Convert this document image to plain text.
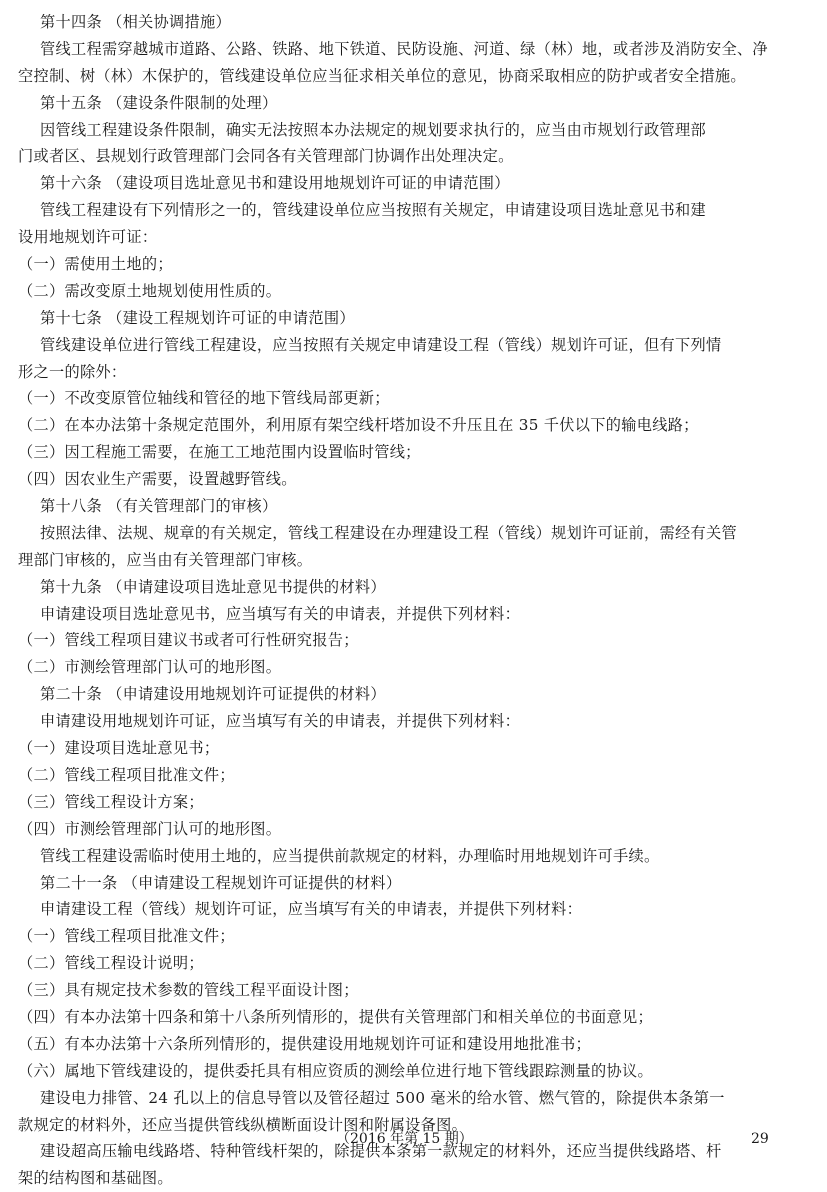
第十四条 （相关协调措施）
管线工程需穿越城市道路、公路、铁路、地下铁道、民防设施、河道、绿（林）地，或者涉及消防安全、净
空控制、树（林）木保护的，管线建设单位应当征求相关单位的意见，协商采取相应的防护或者安全措施。
第十五条 （建设条件限制的处理）
因管线工程建设条件限制，确实无法按照本办法规定的规划要求执行的，应当由市规划行政管理部
门或者区、县规划行政管理部门会同各有关管理部门协调作出处理决定。
第十六条 （建设项目选址意见书和建设用地规划许可证的申请范围）
管线工程建设有下列情形之一的，管线建设单位应当按照有关规定，申请建设项目选址意见书和建
设用地规划许可证：
（一）需使用土地的；
（二）需改变原土地规划使用性质的。
第十七条 （建设工程规划许可证的申请范围）
管线建设单位进行管线工程建设，应当按照有关规定申请建设工程（管线）规划许可证，但有下列情
形之一的除外：
（一）不改变原管位轴线和管径的地下管线局部更新；
（二）在本办法第十条规定范围外，利用原有架空线杆塔加设不升压且在 35 千伏以下的输电线路；
（三）因工程施工需要，在施工工地范围内设置临时管线；
（四）因农业生产需要，设置越野管线。
第十八条 （有关管理部门的审核）
按照法律、法规、规章的有关规定，管线工程建设在办理建设工程（管线）规划许可证前，需经有关管
理部门审核的，应当由有关管理部门审核。
第十九条 （申请建设项目选址意见书提供的材料）
申请建设项目选址意见书，应当填写有关的申请表，并提供下列材料：
（一）管线工程项目建议书或者可行性研究报告；
（二）市测绘管理部门认可的地形图。
第二十条 （申请建设用地规划许可证提供的材料）
申请建设用地规划许可证，应当填写有关的申请表，并提供下列材料：
（一）建设项目选址意见书；
（二）管线工程项目批准文件；
（三）管线工程设计方案；
（四）市测绘管理部门认可的地形图。
管线工程建设需临时使用土地的，应当提供前款规定的材料，办理临时用地规划许可手续。
第二十一条 （申请建设工程规划许可证提供的材料）
申请建设工程（管线）规划许可证，应当填写有关的申请表，并提供下列材料：
（一）管线工程项目批准文件；
（二）管线工程设计说明；
（三）具有规定技术参数的管线工程平面设计图；
（四）有本办法第十四条和第十八条所列情形的，提供有关管理部门和相关单位的书面意见；
（五）有本办法第十六条所列情形的，提供建设用地规划许可证和建设用地批准书；
（六）属地下管线建设的，提供委托具有相应资质的测绘单位进行地下管线跟踪测量的协议。
建设电力排管、24 孔以上的信息导管以及管径超过 500 毫米的给水管、燃气管的，除提供本条第一
款规定的材料外，还应当提供管线纵横断面设计图和附属设备图。
建设超高压输电线路塔、特种管线杆架的，除提供本条第一款规定的材料外，还应当提供线路塔、杆
架的结构图和基础图。
（2016 年第 15 期）	29
